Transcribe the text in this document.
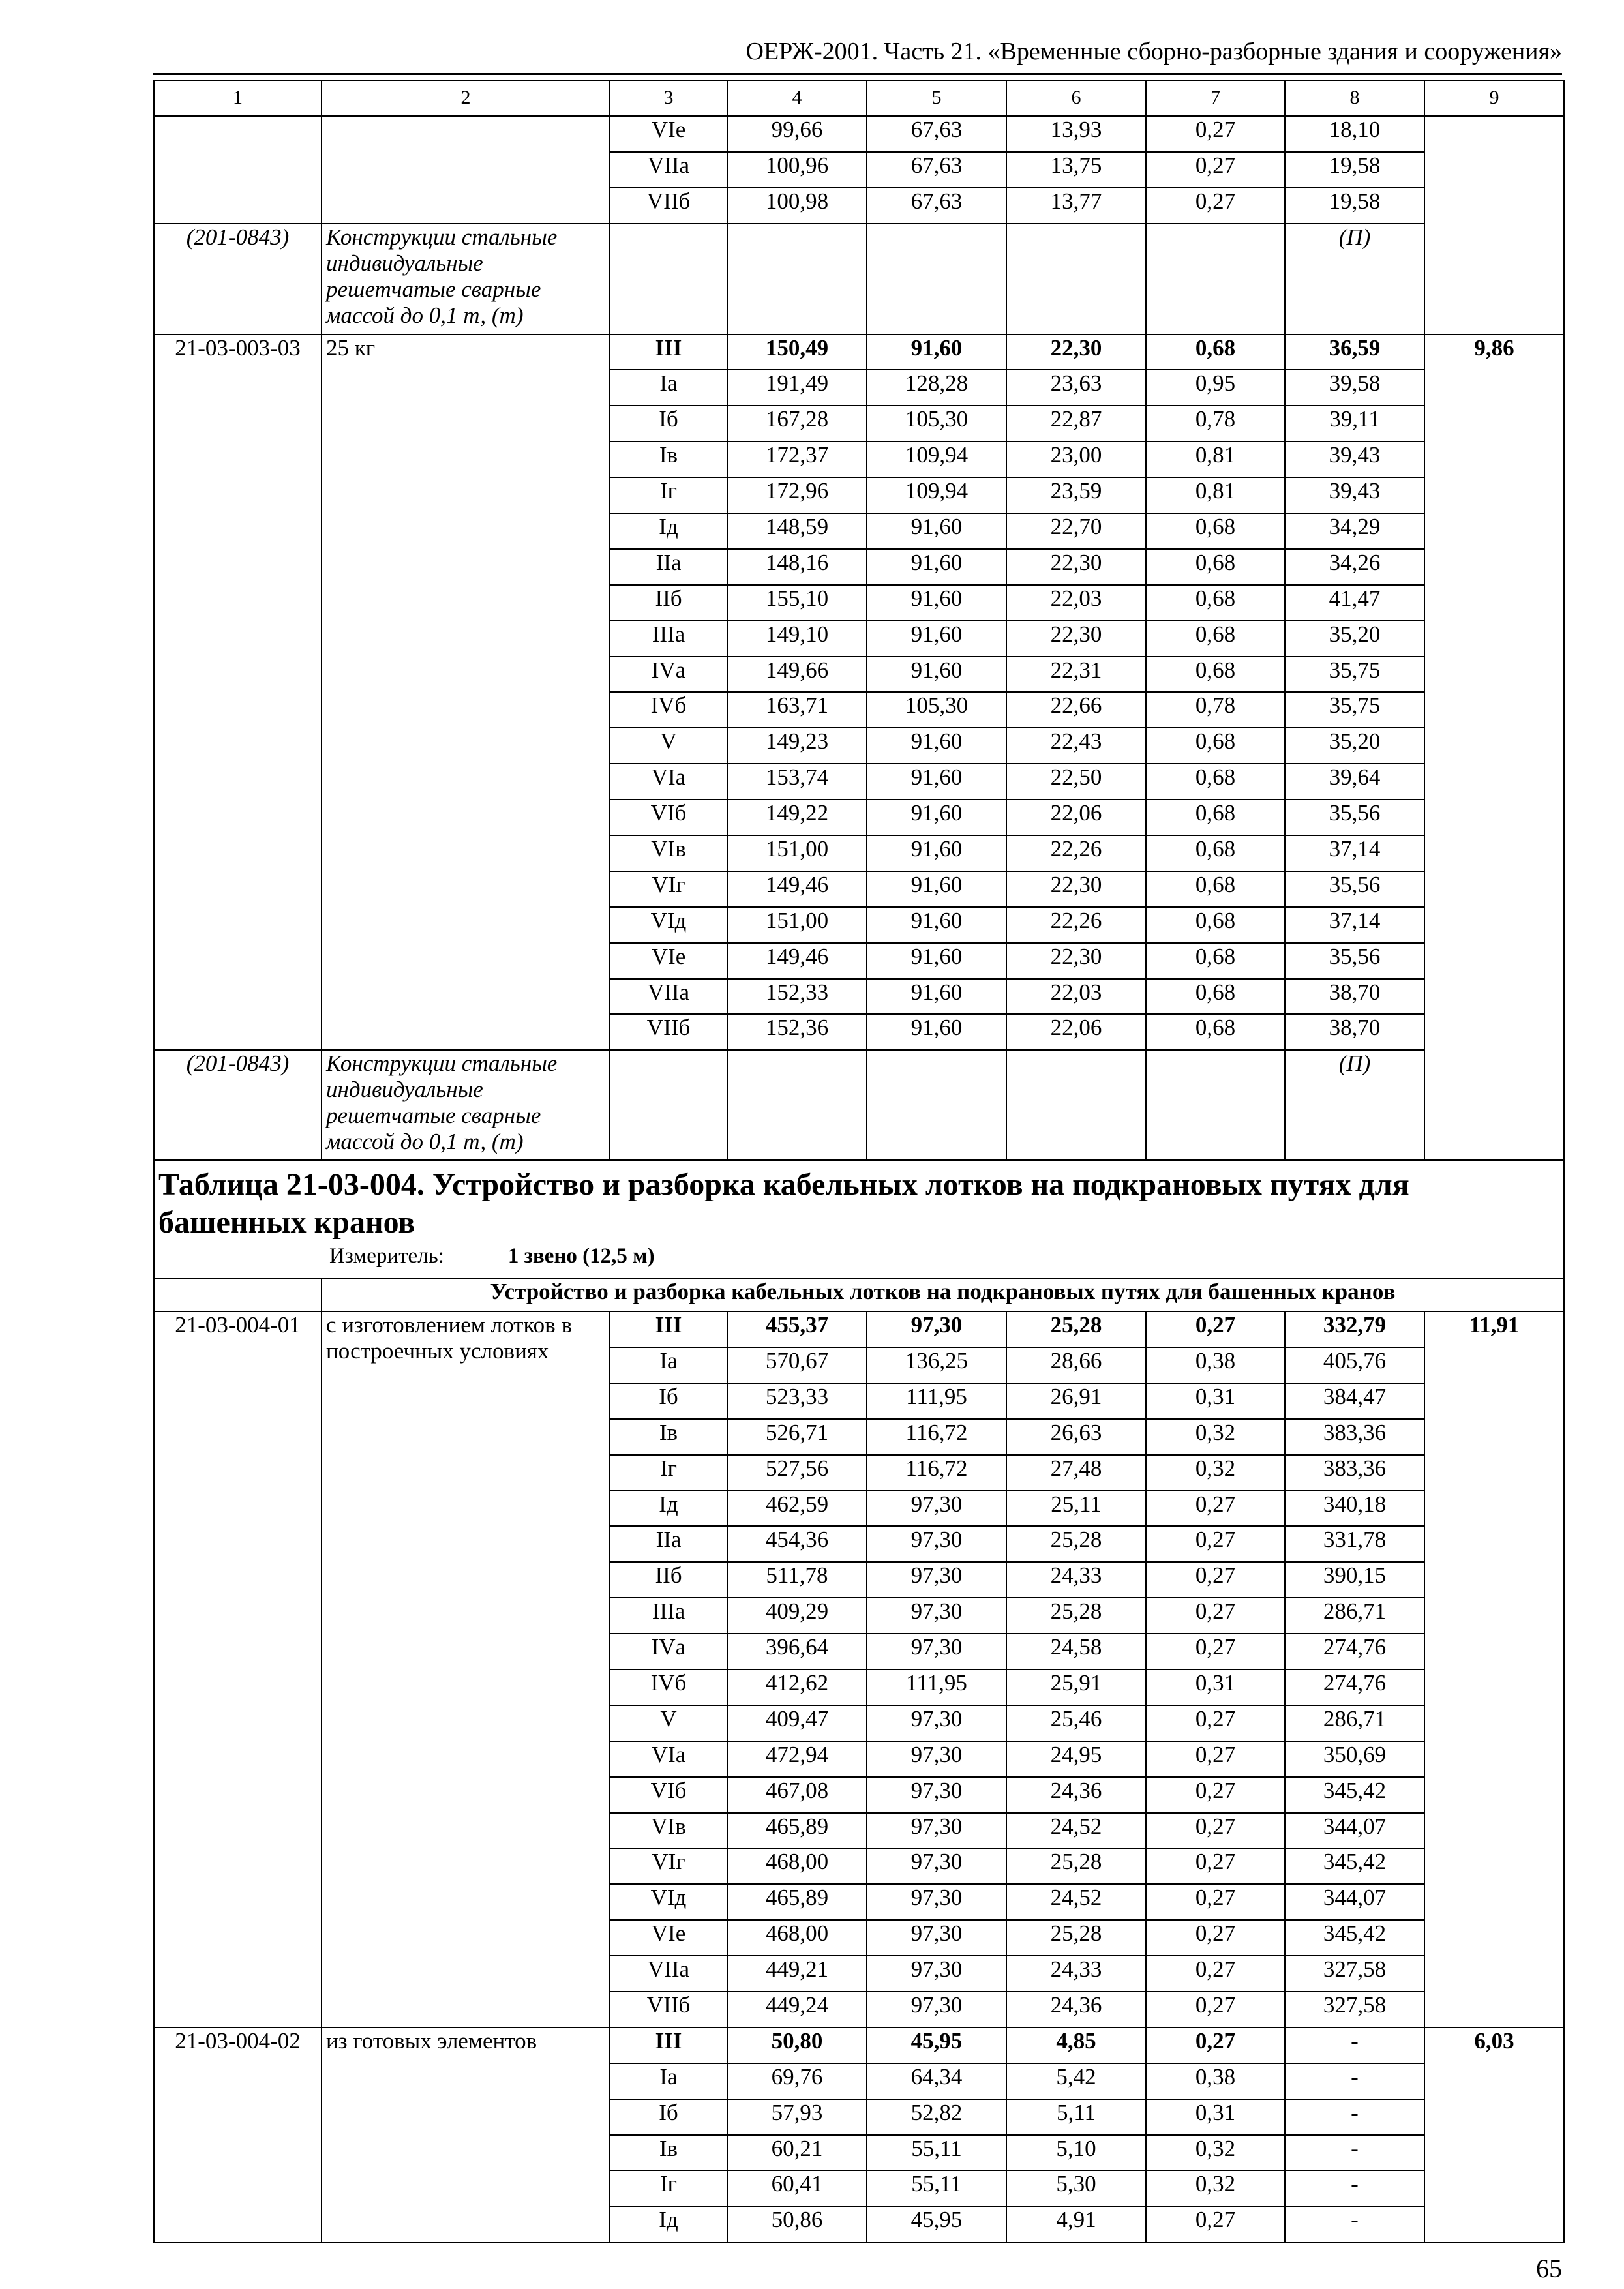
ОЕРЖ-2001. Часть 21. «Временные сборно-разборные здания и сооружения»
1	2	3	4	5	6	7	8	9
		VIе	99,66	67,63	13,93	0,27	18,10	
		VIIа	100,96	67,63	13,75	0,27	19,58	
		VIIб	100,98	67,63	13,77	0,27	19,58	
(201-0843)	Конструкции стальные индивидуальные решетчатые сварные массой до 0,1 т, (т)						(П)	
21-03-003-03	25 кг	III	150,49	91,60	22,30	0,68	36,59	9,86
		Iа	191,49	128,28	23,63	0,95	39,58	
		Iб	167,28	105,30	22,87	0,78	39,11	
		Iв	172,37	109,94	23,00	0,81	39,43	
		Iг	172,96	109,94	23,59	0,81	39,43	
		Iд	148,59	91,60	22,70	0,68	34,29	
		IIа	148,16	91,60	22,30	0,68	34,26	
		IIб	155,10	91,60	22,03	0,68	41,47	
		IIIа	149,10	91,60	22,30	0,68	35,20	
		IVа	149,66	91,60	22,31	0,68	35,75	
		IVб	163,71	105,30	22,66	0,78	35,75	
		V	149,23	91,60	22,43	0,68	35,20	
		VIа	153,74	91,60	22,50	0,68	39,64	
		VIб	149,22	91,60	22,06	0,68	35,56	
		VIв	151,00	91,60	22,26	0,68	37,14	
		VIг	149,46	91,60	22,30	0,68	35,56	
		VIд	151,00	91,60	22,26	0,68	37,14	
		VIе	149,46	91,60	22,30	0,68	35,56	
		VIIа	152,33	91,60	22,03	0,68	38,70	
		VIIб	152,36	91,60	22,06	0,68	38,70	
(201-0843)	Конструкции стальные индивидуальные решетчатые сварные массой до 0,1 т, (т)						(П)	

Таблица 21-03-004. Устройство и разборка кабельных лотков на подкрановых путях для башенных кранов
Измеритель: 1 звено (12,5 м)								

	Устройство и разборка кабельных лотков на подкрановых путях для башенных кранов							
21-03-004-01	с изготовлением лотков в построечных условиях	III	455,37	97,30	25,28	0,27	332,79	11,91
		Iа	570,67	136,25	28,66	0,38	405,76	
		Iб	523,33	111,95	26,91	0,31	384,47	
		Iв	526,71	116,72	26,63	0,32	383,36	
		Iг	527,56	116,72	27,48	0,32	383,36	
		Iд	462,59	97,30	25,11	0,27	340,18	
		IIа	454,36	97,30	25,28	0,27	331,78	
		IIб	511,78	97,30	24,33	0,27	390,15	
		IIIа	409,29	97,30	25,28	0,27	286,71	
		IVа	396,64	97,30	24,58	0,27	274,76	
		IVб	412,62	111,95	25,91	0,31	274,76	
		V	409,47	97,30	25,46	0,27	286,71	
		VIа	472,94	97,30	24,95	0,27	350,69	
		VIб	467,08	97,30	24,36	0,27	345,42	
		VIв	465,89	97,30	24,52	0,27	344,07	
		VIг	468,00	97,30	25,28	0,27	345,42	
		VIд	465,89	97,30	24,52	0,27	344,07	
		VIе	468,00	97,30	25,28	0,27	345,42	
		VIIа	449,21	97,30	24,33	0,27	327,58	
		VIIб	449,24	97,30	24,36	0,27	327,58	
21-03-004-02	из готовых элементов	III	50,80	45,95	4,85	0,27	-	6,03
		Iа	69,76	64,34	5,42	0,38	-	
		Iб	57,93	52,82	5,11	0,31	-	
		Iв	60,21	55,11	5,10	0,32	-	
		Iг	60,41	55,11	5,30	0,32	-	
		Iд	50,86	45,95	4,91	0,27	-	
65
